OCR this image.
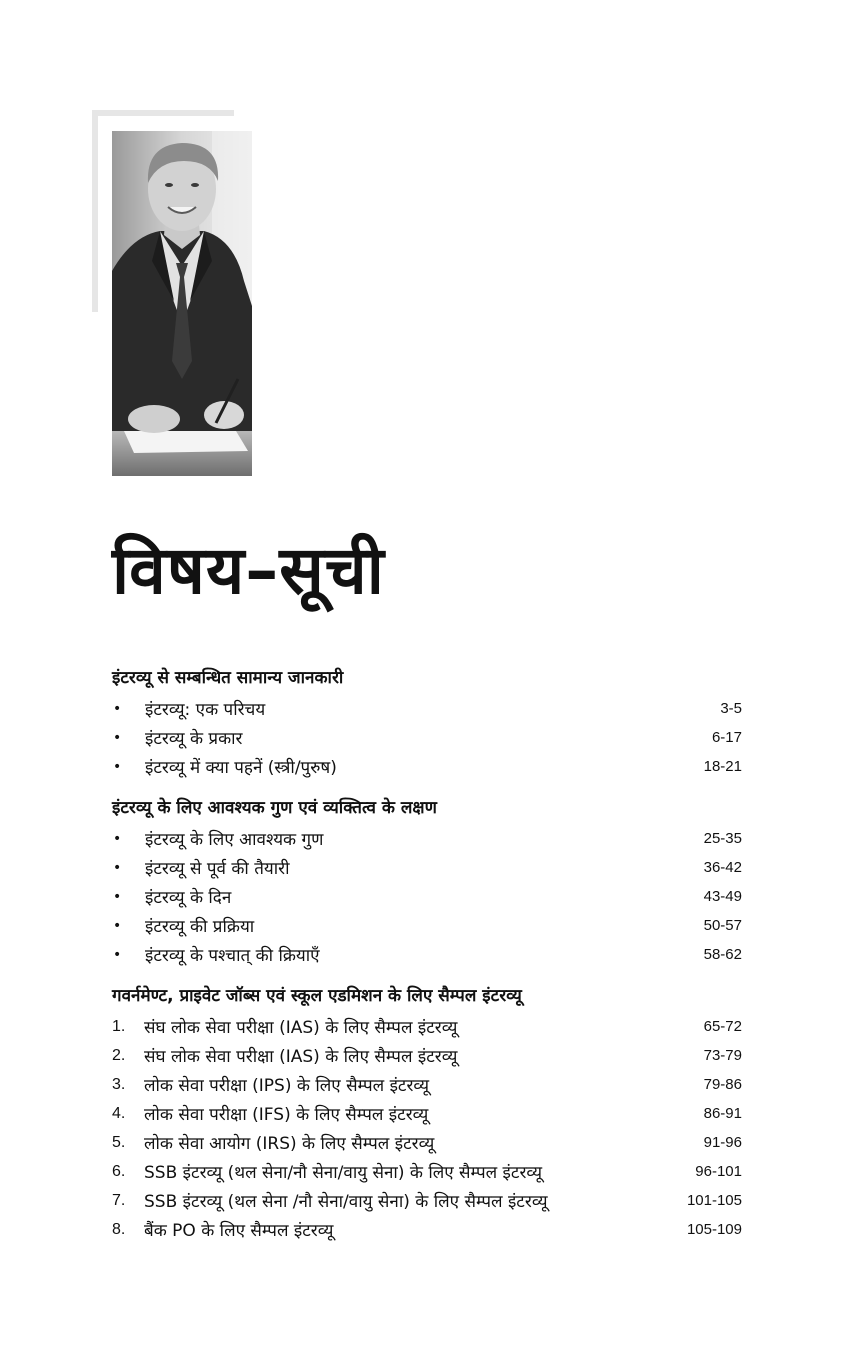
विषय–सूची
इंटरव्यू से सम्बन्धित सामान्य जानकारी
•	इंटरव्यू: एक परिचय	3-5
•	इंटरव्यू के प्रकार	6-17
•	इंटरव्यू में क्या पहनें (स्त्री/पुरुष)	18-21
इंटरव्यू के लिए आवश्यक गुण एवं व्यक्तित्व के लक्षण
•	इंटरव्यू के लिए आवश्यक गुण	25-35
•	इंटरव्यू से पूर्व की तैयारी	36-42
•	इंटरव्यू के दिन	43-49
•	इंटरव्यू की प्रक्रिया	50-57
•	इंटरव्यू के पश्चात् की क्रियाएँ	58-62
गवर्नमेण्ट, प्राइवेट जॉब्स एवं स्कूल एडमिशन के लिए सैम्पल इंटरव्यू
1.	संघ लोक सेवा परीक्षा (IAS) के लिए सैम्पल इंटरव्यू	65-72
2.	संघ लोक सेवा परीक्षा (IAS) के लिए सैम्पल इंटरव्यू	73-79
3.	लोक सेवा परीक्षा (IPS) के लिए सैम्पल इंटरव्यू	79-86
4.	लोक सेवा परीक्षा (IFS) के लिए सैम्पल इंटरव्यू	86-91
5.	लोक सेवा आयोग (IRS) के लिए सैम्पल इंटरव्यू	91-96
6.	SSB इंटरव्यू (थल सेना/नौ सेना/वायु सेना) के लिए सैम्पल इंटरव्यू	96-101
7.	SSB इंटरव्यू (थल सेना /नौ सेना/वायु सेना) के लिए सैम्पल इंटरव्यू	101-105
8.	बैंक PO के लिए सैम्पल इंटरव्यू	105-109
